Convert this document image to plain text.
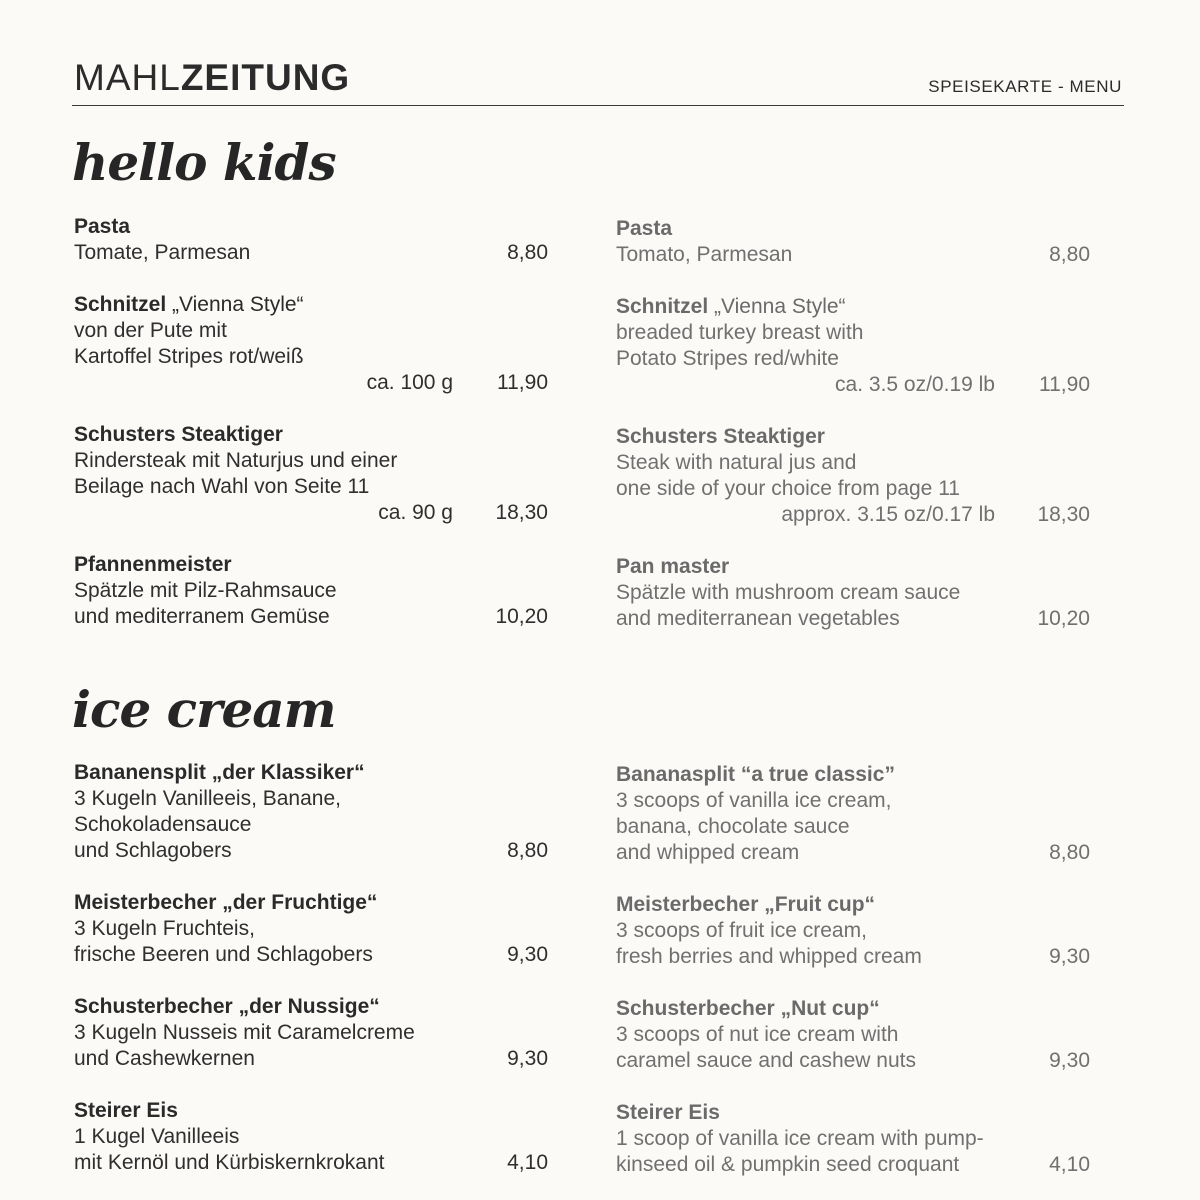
MAHLZEITUNG	SPEISEKARTE - MENU
hello kids
ice cream
Pasta
Tomate, Parmesan	8,80
Schnitzel „Vienna Style“
von der Pute mit
Kartoffel Stripes rot/weiß
ca. 100 g 11,90
Schusters Steaktiger
Rindersteak mit Naturjus und einer
Beilage nach Wahl von Seite 11
ca. 90 g 18,30
Pfannenmeister
Spätzle mit Pilz-Rahmsauce
und mediterranem Gemüse	10,20
Pasta
Tomato, Parmesan	8,80
Schnitzel „Vienna Style“
breaded turkey breast with
Potato Stripes red/white
ca. 3.5 oz/0.19 lb 11,90
Schusters Steaktiger
Steak with natural jus and
one side of your choice from page 11
approx. 3.15 oz/0.17 lb 18,30
Pan master
Spätzle with mushroom cream sauce
and mediterranean vegetables	10,20
Bananensplit „der Klassiker“
3 Kugeln Vanilleeis, Banane,
Schokoladensauce
und Schlagobers	8,80
Meisterbecher „der Fruchtige“
3 Kugeln Fruchteis,
frische Beeren und Schlagobers	9,30
Schusterbecher „der Nussige“
3 Kugeln Nusseis mit Caramelcreme
und Cashewkernen	9,30
Steirer Eis
1 Kugel Vanilleeis
mit Kernöl und Kürbiskernkrokant	4,10
Bananasplit “a true classic”
3 scoops of vanilla ice cream,
banana, chocolate sauce
and whipped cream	8,80
Meisterbecher „Fruit cup“
3 scoops of fruit ice cream,
fresh berries and whipped cream	9,30
Schusterbecher „Nut cup“
3 scoops of nut ice cream with
caramel sauce and cashew nuts	9,30
Steirer Eis
1 scoop of vanilla ice cream with pump-
kinseed oil & pumpkin seed croquant	4,10
